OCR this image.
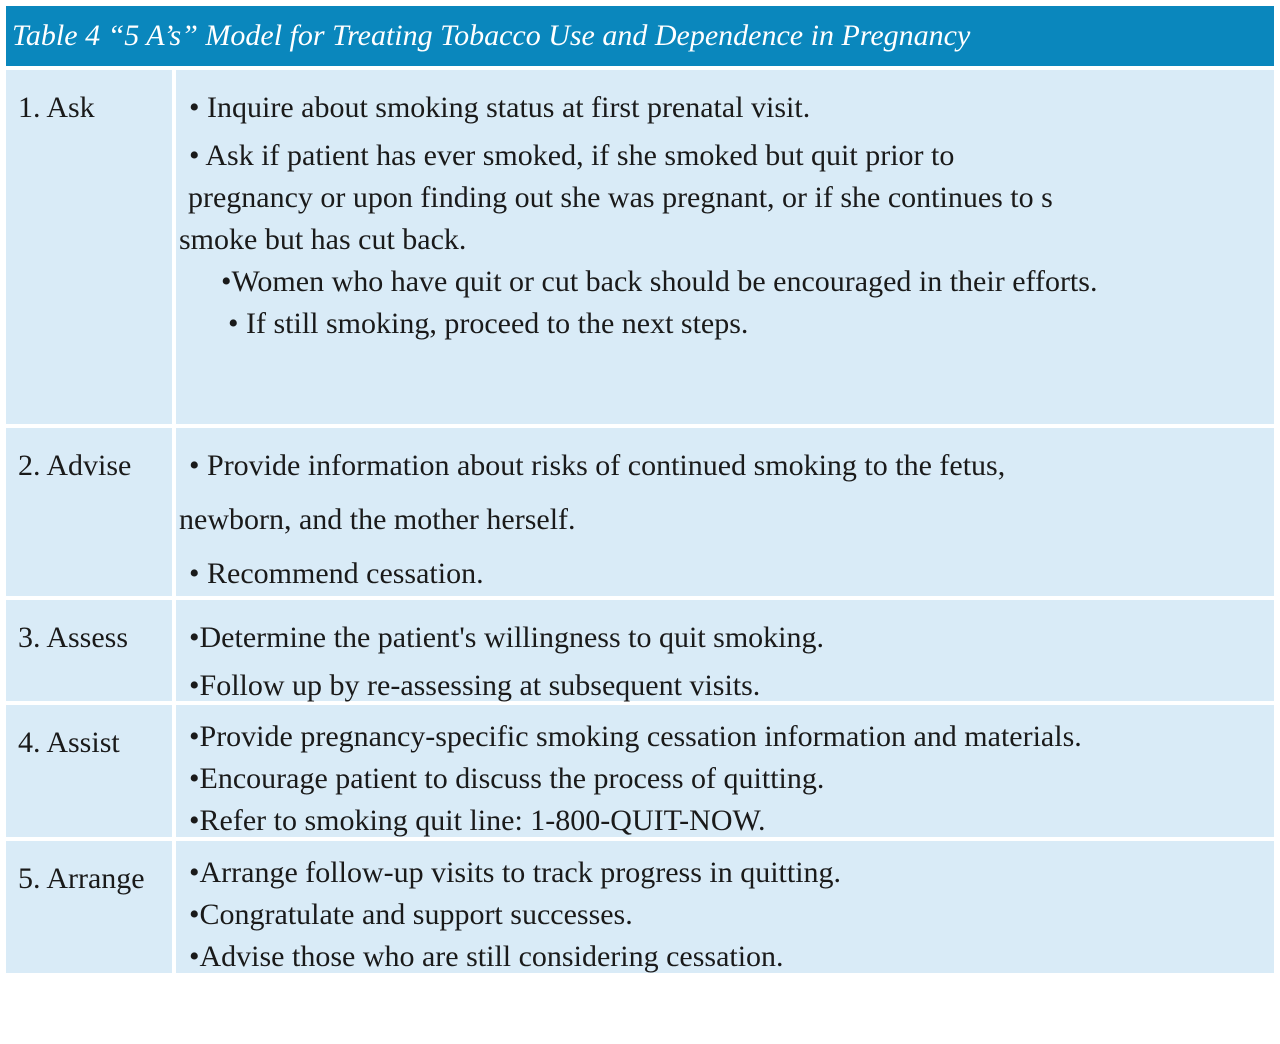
Table 4 “5 A’s” Model for Treating Tobacco Use and Dependence in Pregnancy
1. Ask	• Inquire about smoking status at first prenatal visit.
• Ask if patient has ever smoked, if she smoked but quit prior to
pregnancy or upon finding out she was pregnant, or if she continues to s
smoke but has cut back.
•Women who have quit or cut back should be encouraged in their efforts.
• If still smoking, proceed to the next steps.
2. Advise • Provide information about risks of continued smoking to the fetus,
newborn, and the mother herself.
• Recommend cessation.
3. Assess •Determine the patient's willingness to quit smoking.
•Follow up by re-assessing at subsequent visits.
4. Assist •Provide pregnancy-specific smoking cessation information and materials.
•Encourage patient to discuss the process of quitting.
•Refer to smoking quit line: 1-800-QUIT-NOW.
5. Arrange •Arrange follow-up visits to track progress in quitting.
•Congratulate and support successes.
•Advise those who are still considering cessation.
